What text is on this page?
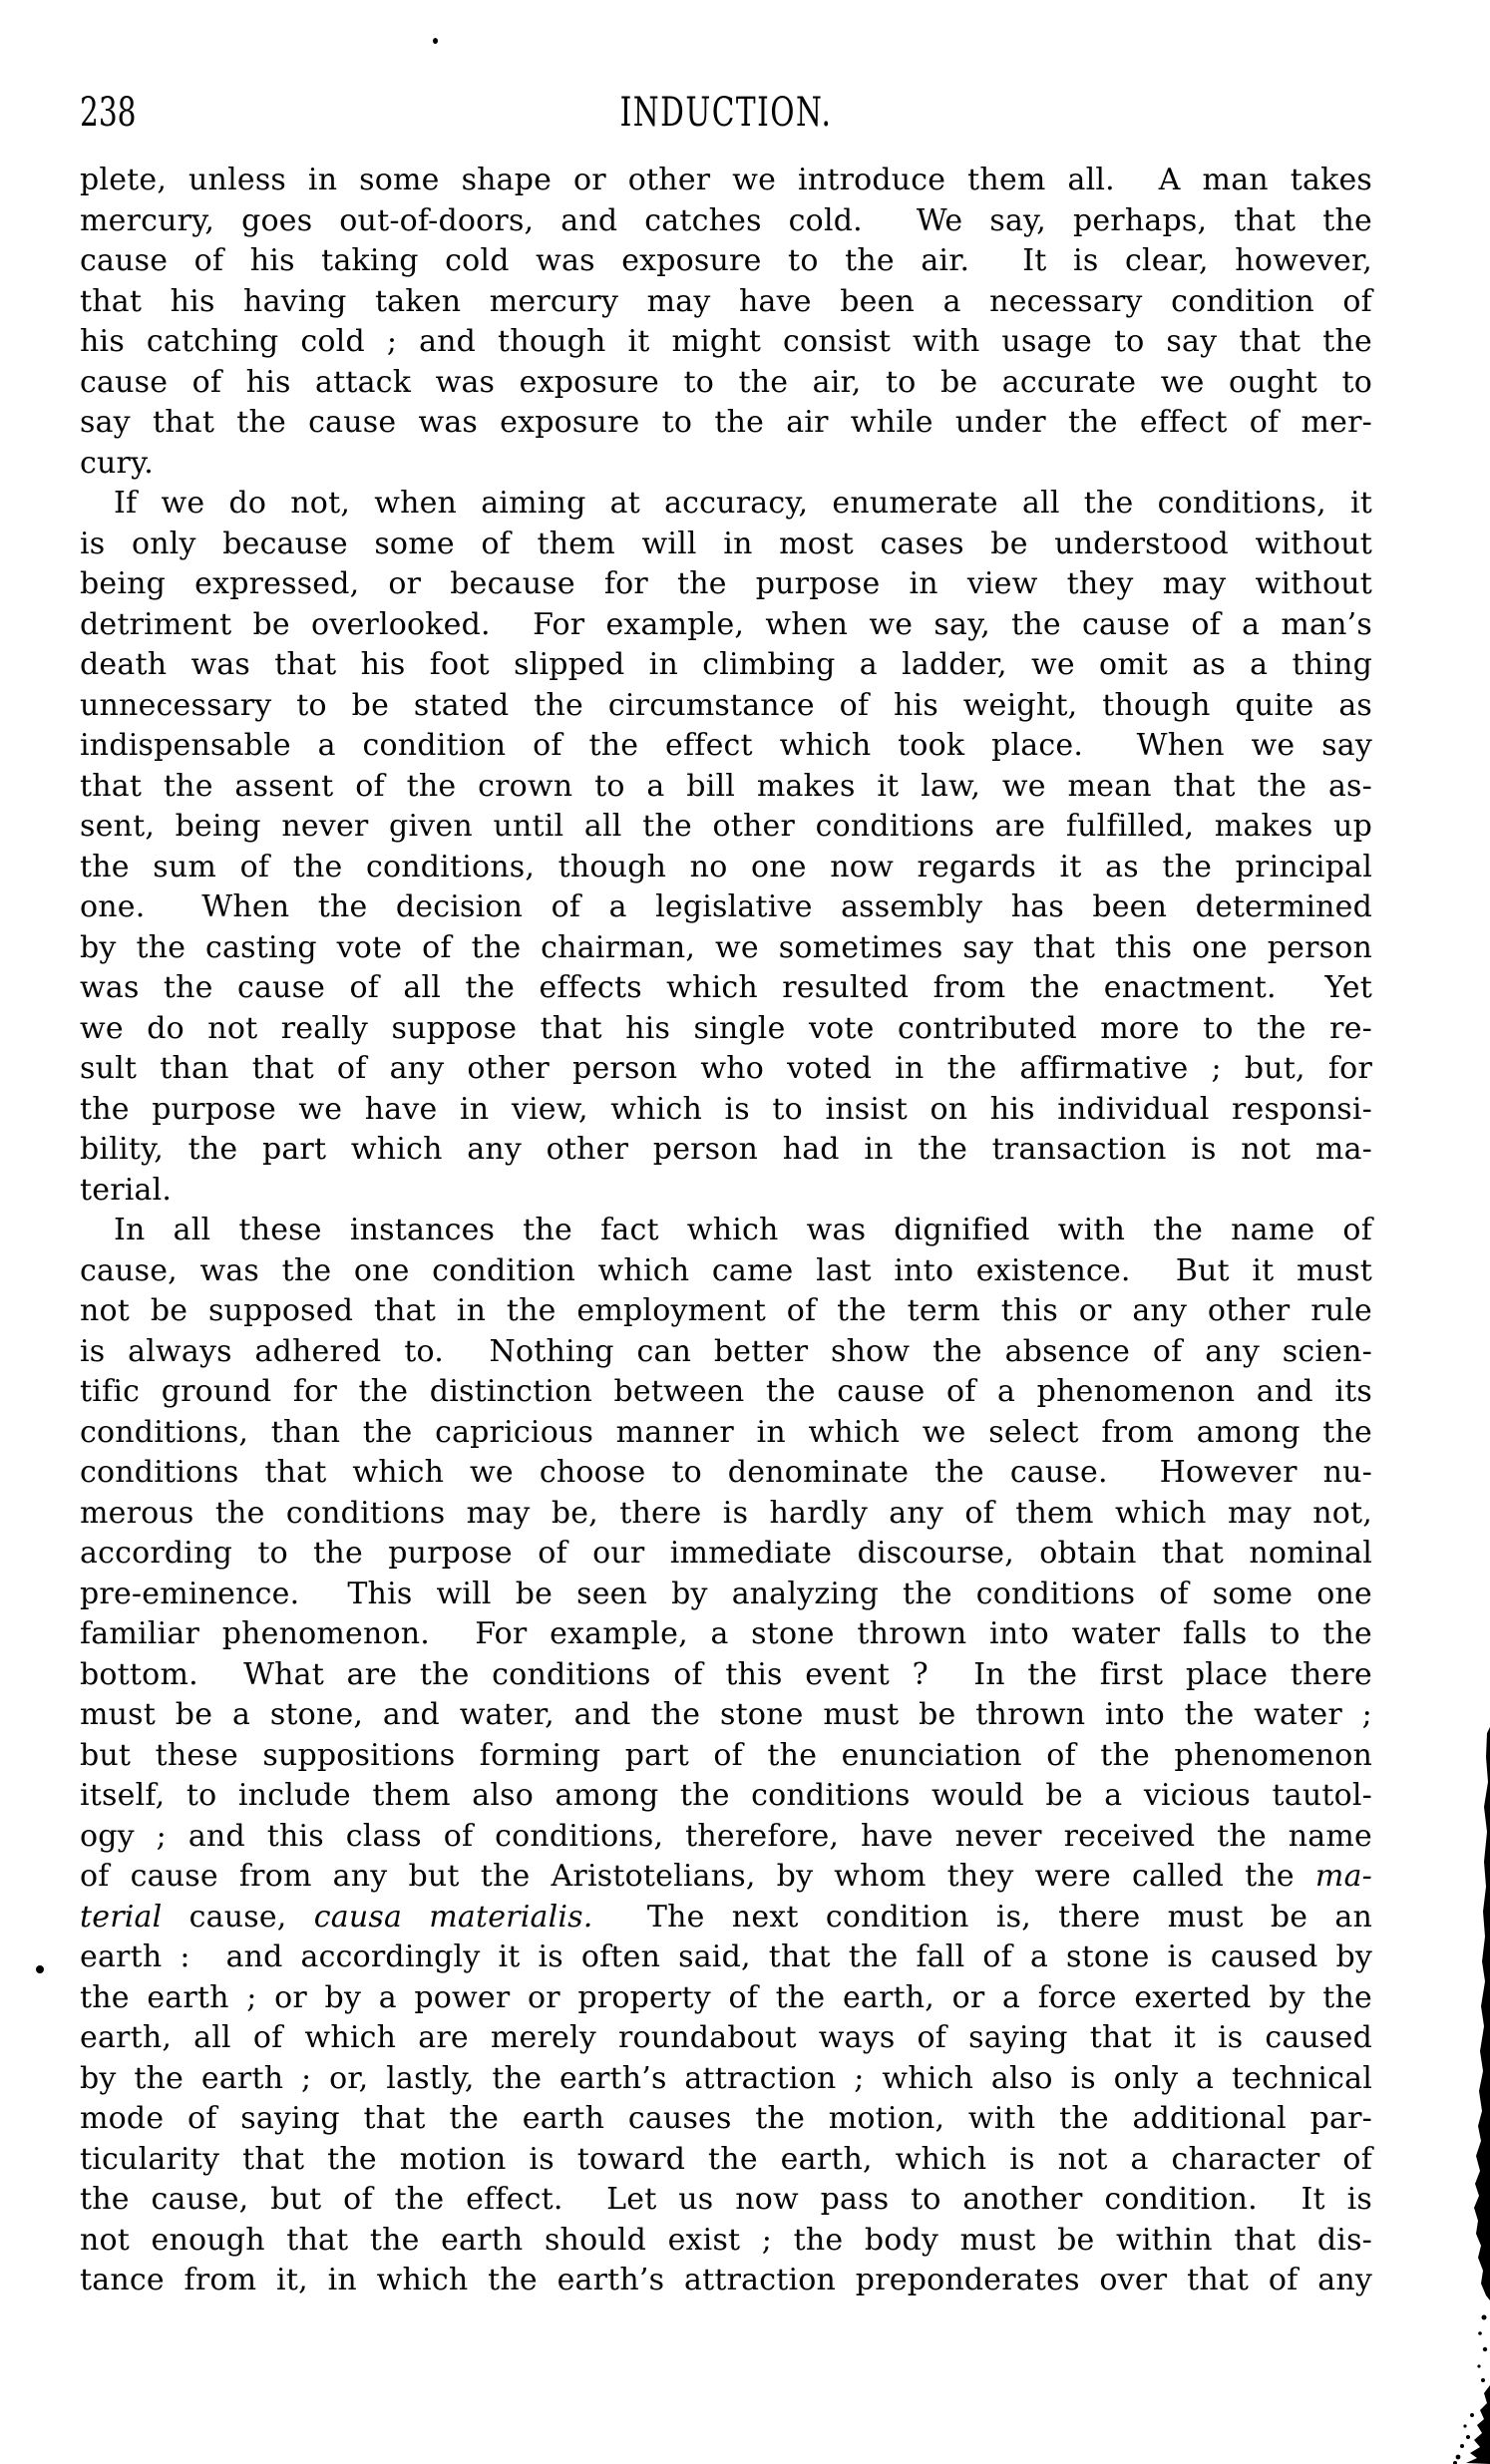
238	INDUCTION.
plete, unless in some shape or other we introduce them all.  A man takes
mercury, goes out-of-doors, and catches cold.  We say, perhaps, that the
cause of his taking cold was exposure to the air.  It is clear, however,
that his having taken mercury may have been a necessary condition of
his catching cold ; and though it might consist with usage to say that the
cause of his attack was exposure to the air, to be accurate we ought to
say that the cause was exposure to the air while under the effect of mer-
cury.
If we do not, when aiming at accuracy, enumerate all the conditions, it
is only because some of them will in most cases be understood without
being expressed, or because for the purpose in view they may without
detriment be overlooked.  For example, when we say, the cause of a man’s
death was that his foot slipped in climbing a ladder, we omit as a thing
unnecessary to be stated the circumstance of his weight, though quite as
indispensable a condition of the effect which took place.  When we say
that the assent of the crown to a bill makes it law, we mean that the as-
sent, being never given until all the other conditions are fulfilled, makes up
the sum of the conditions, though no one now regards it as the principal
one.  When the decision of a legislative assembly has been determined
by the casting vote of the chairman, we sometimes say that this one person
was the cause of all the effects which resulted from the enactment.  Yet
we do not really suppose that his single vote contributed more to the re-
sult than that of any other person who voted in the affirmative ; but, for
the purpose we have in view, which is to insist on his individual responsi-
bility, the part which any other person had in the transaction is not ma-
terial.
In all these instances the fact which was dignified with the name of
cause, was the one condition which came last into existence.  But it must
not be supposed that in the employment of the term this or any other rule
is always adhered to.  Nothing can better show the absence of any scien-
tific ground for the distinction between the cause of a phenomenon and its
conditions, than the capricious manner in which we select from among the
conditions that which we choose to denominate the cause.  However nu-
merous the conditions may be, there is hardly any of them which may not,
according to the purpose of our immediate discourse, obtain that nominal
pre-eminence.  This will be seen by analyzing the conditions of some one
familiar phenomenon.  For example, a stone thrown into water falls to the
bottom.  What are the conditions of this event ?  In the first place there
must be a stone, and water, and the stone must be thrown into the water ;
but these suppositions forming part of the enunciation of the phenomenon
itself, to include them also among the conditions would be a vicious tautol-
ogy ; and this class of conditions, therefore, have never received the name
of cause from any but the Aristotelians, by whom they were called the ma-
terial cause, causa materialis.  The next condition is, there must be an
earth :  and accordingly it is often said, that the fall of a stone is caused by
the earth ; or by a power or property of the earth, or a force exerted by the
earth, all of which are merely roundabout ways of saying that it is caused
by the earth ; or, lastly, the earth’s attraction ; which also is only a technical
mode of saying that the earth causes the motion, with the additional par-
ticularity that the motion is toward the earth, which is not a character of
the cause, but of the effect.  Let us now pass to another condition.  It is
not enough that the earth should exist ; the body must be within that dis-
tance from it, in which the earth’s attraction preponderates over that of any
